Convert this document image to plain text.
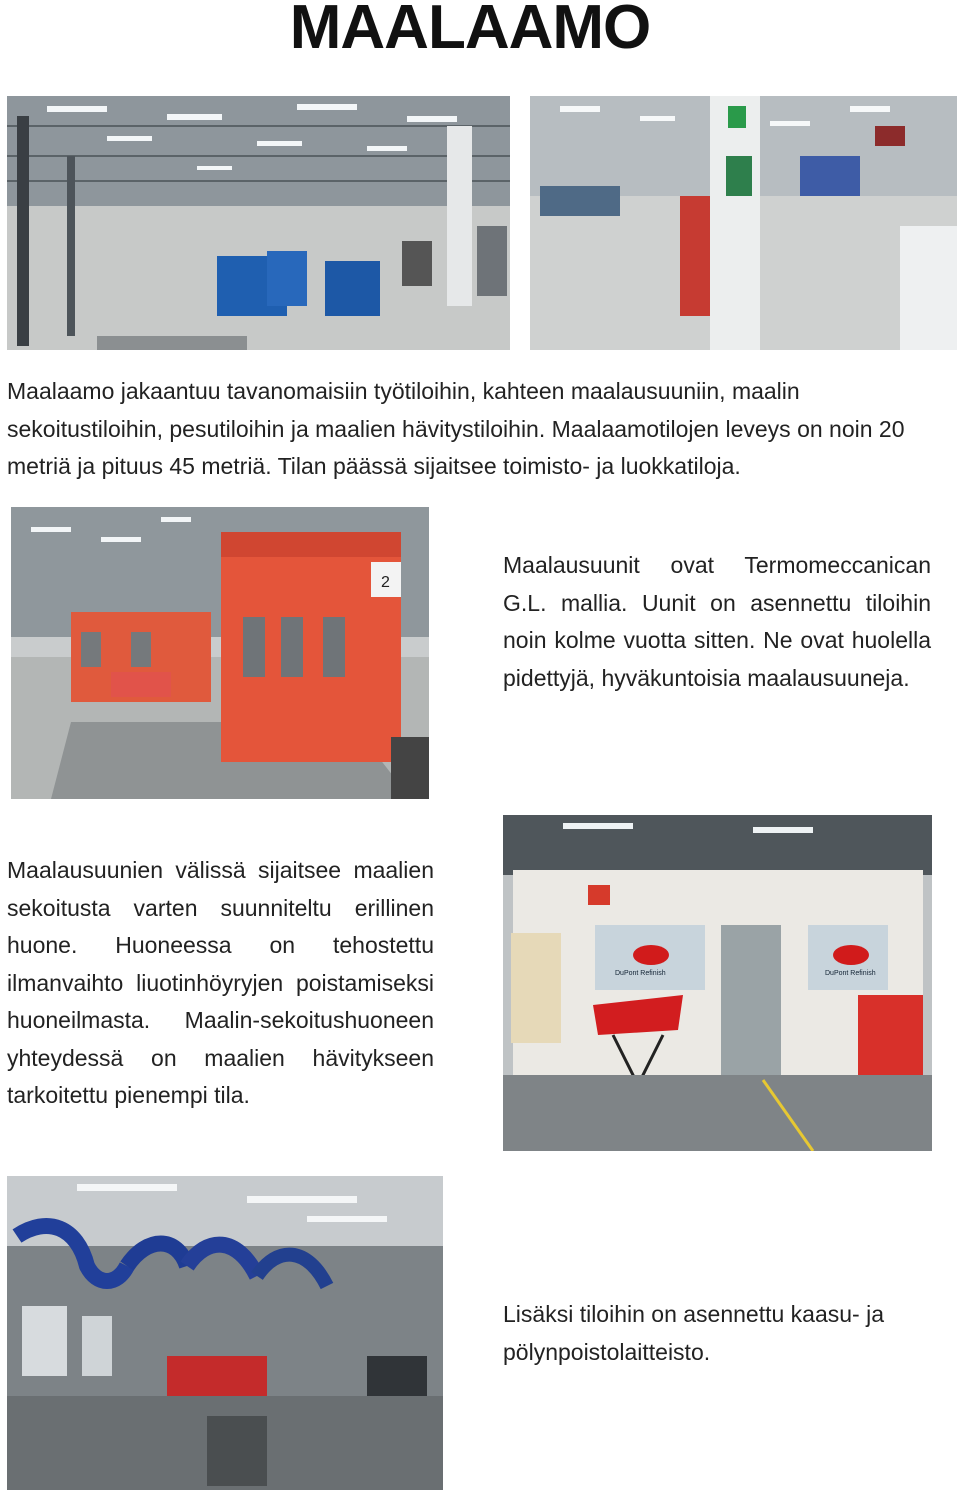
MAALAAMO

Maalaamo jakaantuu tavanomaisiin työtiloihin, kahteen maalausuuniin, maalin sekoitustiloihin, pesutiloihin ja maalien hävitystiloihin. Maalaamotilojen leveys on noin 20 metriä ja pituus 45 metriä. Tilan päässä sijaitsee toimisto- ja luokkatiloja.

2

Maalausuunit ovat Termomeccanican G.L. mallia. Uunit on asennettu tiloihin noin kolme vuotta sitten. Ne ovat huolella pidettyjä, hyväkuntoisia maalausuuneja.

Maalausuunien välissä sijaitsee maalien sekoitusta varten suunniteltu erillinen huone. Huoneessa on tehostettu ilmanvaihto liuotinhöyryjen poistamiseksi huoneilmasta. Maalin-sekoitushuoneen yhteydessä on maalien hävitykseen tarkoitettu pienempi tila.

DuPont Refinish	DuPont Refinish

Lisäksi tiloihin on asennettu kaasu- ja pölynpoistolaitteisto.
